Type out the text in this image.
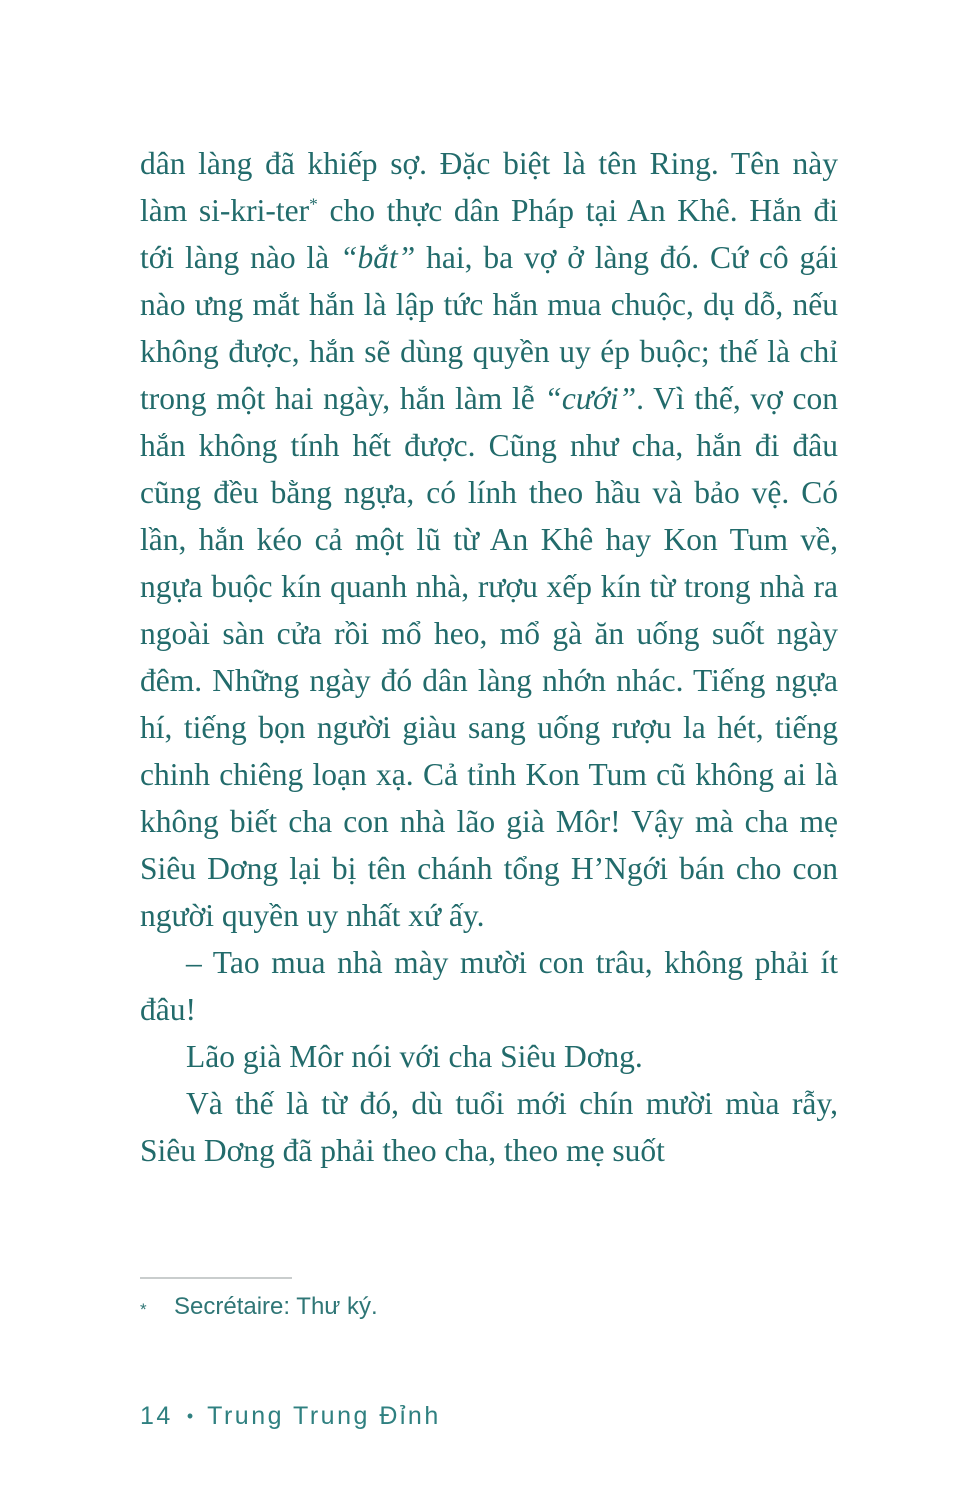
dân làng đã khiếp sợ. Đặc biệt là tên Ring. Tên này làm si-kri-ter* cho thực dân Pháp tại An Khê. Hắn đi tới làng nào là “bắt” hai, ba vợ ở làng đó. Cứ cô gái nào ưng mắt hắn là lập tức hắn mua chuộc, dụ dỗ, nếu không được, hắn sẽ dùng quyền uy ép buộc; thế là chỉ trong một hai ngày, hắn làm lễ “cưới”. Vì thế, vợ con hắn không tính hết được. Cũng như cha, hắn đi đâu cũng đều bằng ngựa, có lính theo hầu và bảo vệ. Có lần, hắn kéo cả một lũ từ An Khê hay Kon Tum về, ngựa buộc kín quanh nhà, rượu xếp kín từ trong nhà ra ngoài sàn cửa rồi mổ heo, mổ gà ăn uống suốt ngày đêm. Những ngày đó dân làng nhớn nhác. Tiếng ngựa hí, tiếng bọn người giàu sang uống rượu la hét, tiếng chinh chiêng loạn xạ. Cả tỉnh Kon Tum cũ không ai là không biết cha con nhà lão già Môr! Vậy mà cha mẹ Siêu Dơng lại bị tên chánh tổng H’Ngới bán cho con người quyền uy nhất xứ ấy.

– Tao mua nhà mày mười con trâu, không phải ít đâu!

Lão già Môr nói với cha Siêu Dơng.

Và thế là từ đó, dù tuổi mới chín mười mùa rẫy, Siêu Dơng đã phải theo cha, theo mẹ suốt

* Secrétaire: Thư ký.
14 • Trung Trung Đỉnh
